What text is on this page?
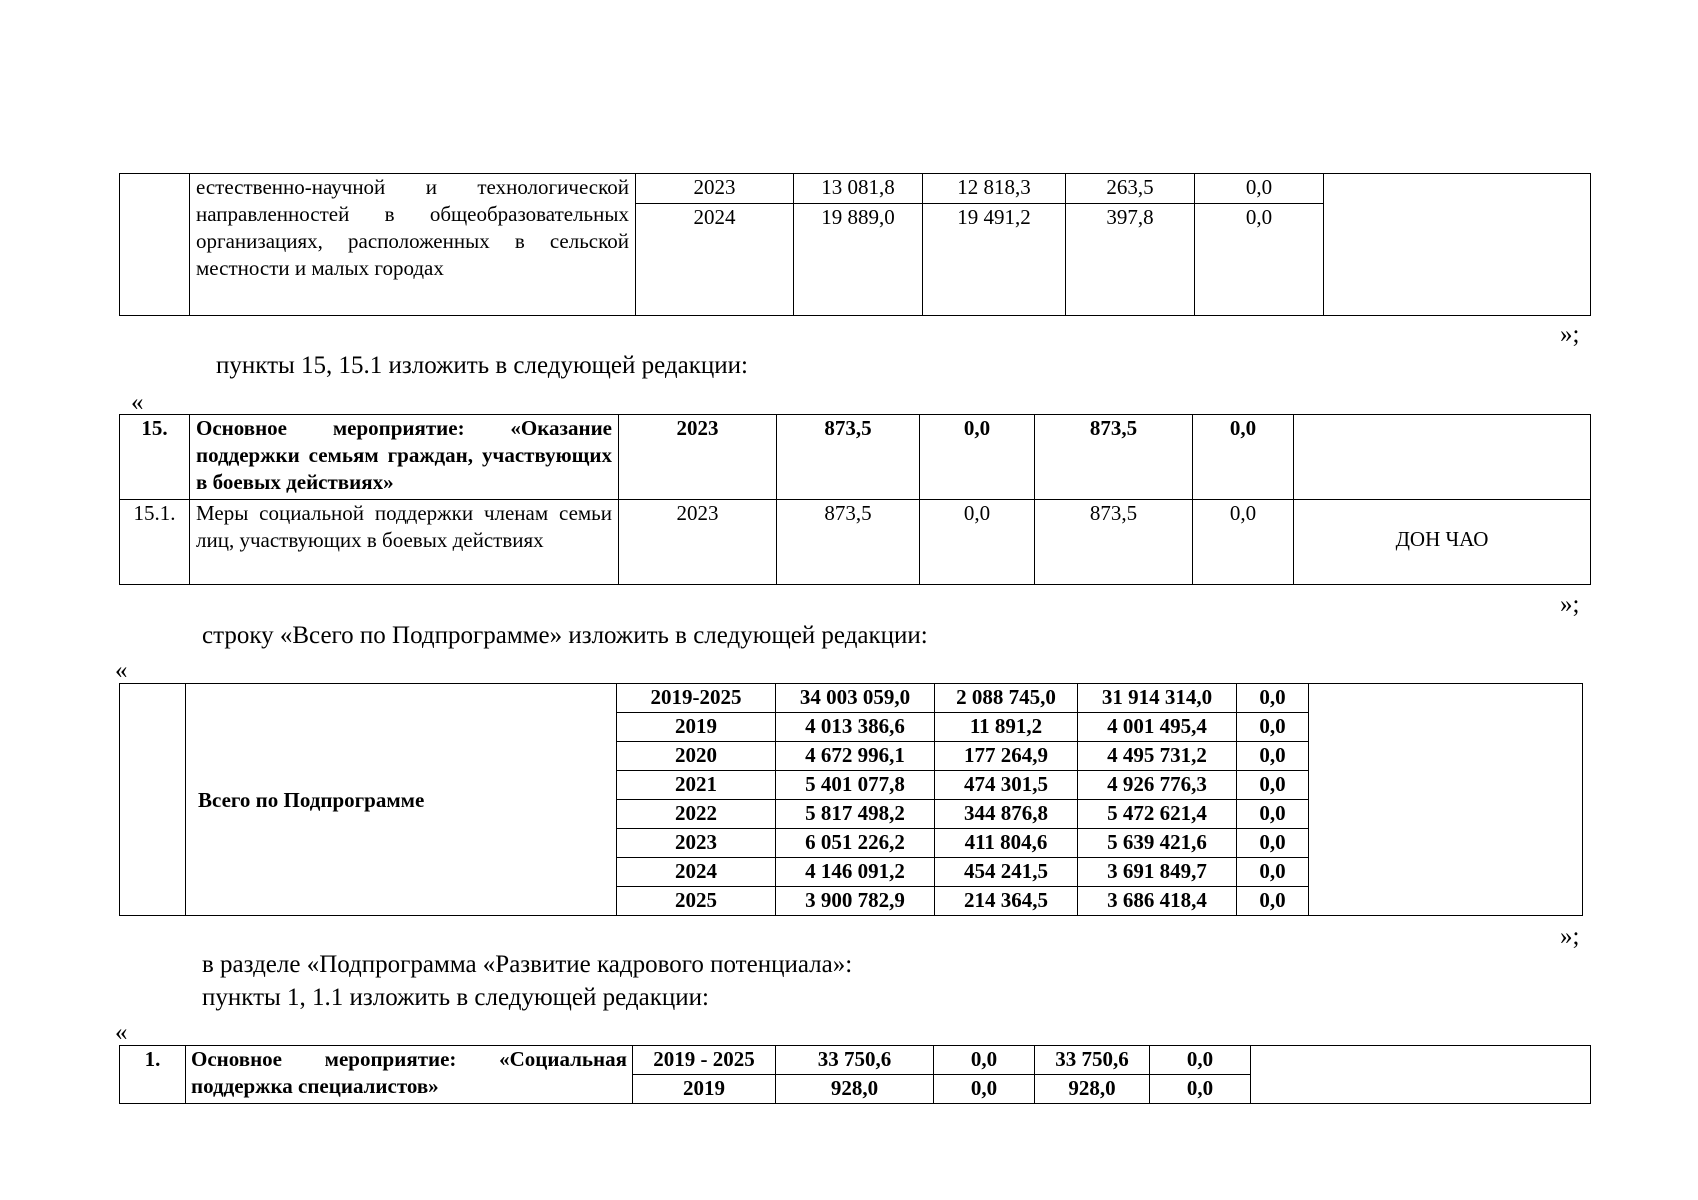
	естественно-научной и технологической направленностей в общеобразовательных организациях, расположенных в сельской местности и малых городах	2023	13 081,8	12 818,3	263,5	0,0	
		2024	19 889,0	19 491,2	397,8	0,0	
»;
пункты 15, 15.1 изложить в следующей редакции:
«
15.	Основное мероприятие: «Оказание поддержки семьям граждан, участвующих в боевых действиях»	2023	873,5	0,0	873,5	0,0	
15.1.	Меры социальной поддержки членам семьи лиц, участвующих в боевых действиях	2023	873,5	0,0	873,5	0,0	ДОН ЧАО
»;
строку «Всего по Подпрограмме» изложить в следующей редакции:
«
	Всего по Подпрограмме	2019-2025	34 003 059,0	2 088 745,0	31 914 314,0	0,0	
		2019	4 013 386,6	11 891,2	4 001 495,4	0,0	
		2020	4 672 996,1	177 264,9	4 495 731,2	0,0	
		2021	5 401 077,8	474 301,5	4 926 776,3	0,0	
		2022	5 817 498,2	344 876,8	5 472 621,4	0,0	
		2023	6 051 226,2	411 804,6	5 639 421,6	0,0	
		2024	4 146 091,2	454 241,5	3 691 849,7	0,0	
		2025	3 900 782,9	214 364,5	3 686 418,4	0,0	
»;
в разделе «Подпрограмма «Развитие кадрового потенциала»:
пункты 1, 1.1 изложить в следующей редакции:
«
1.	Основное мероприятие: «Социальная поддержка специалистов»	2019 - 2025	33 750,6	0,0	33 750,6	0,0	
		2019	928,0	0,0	928,0	0,0	
